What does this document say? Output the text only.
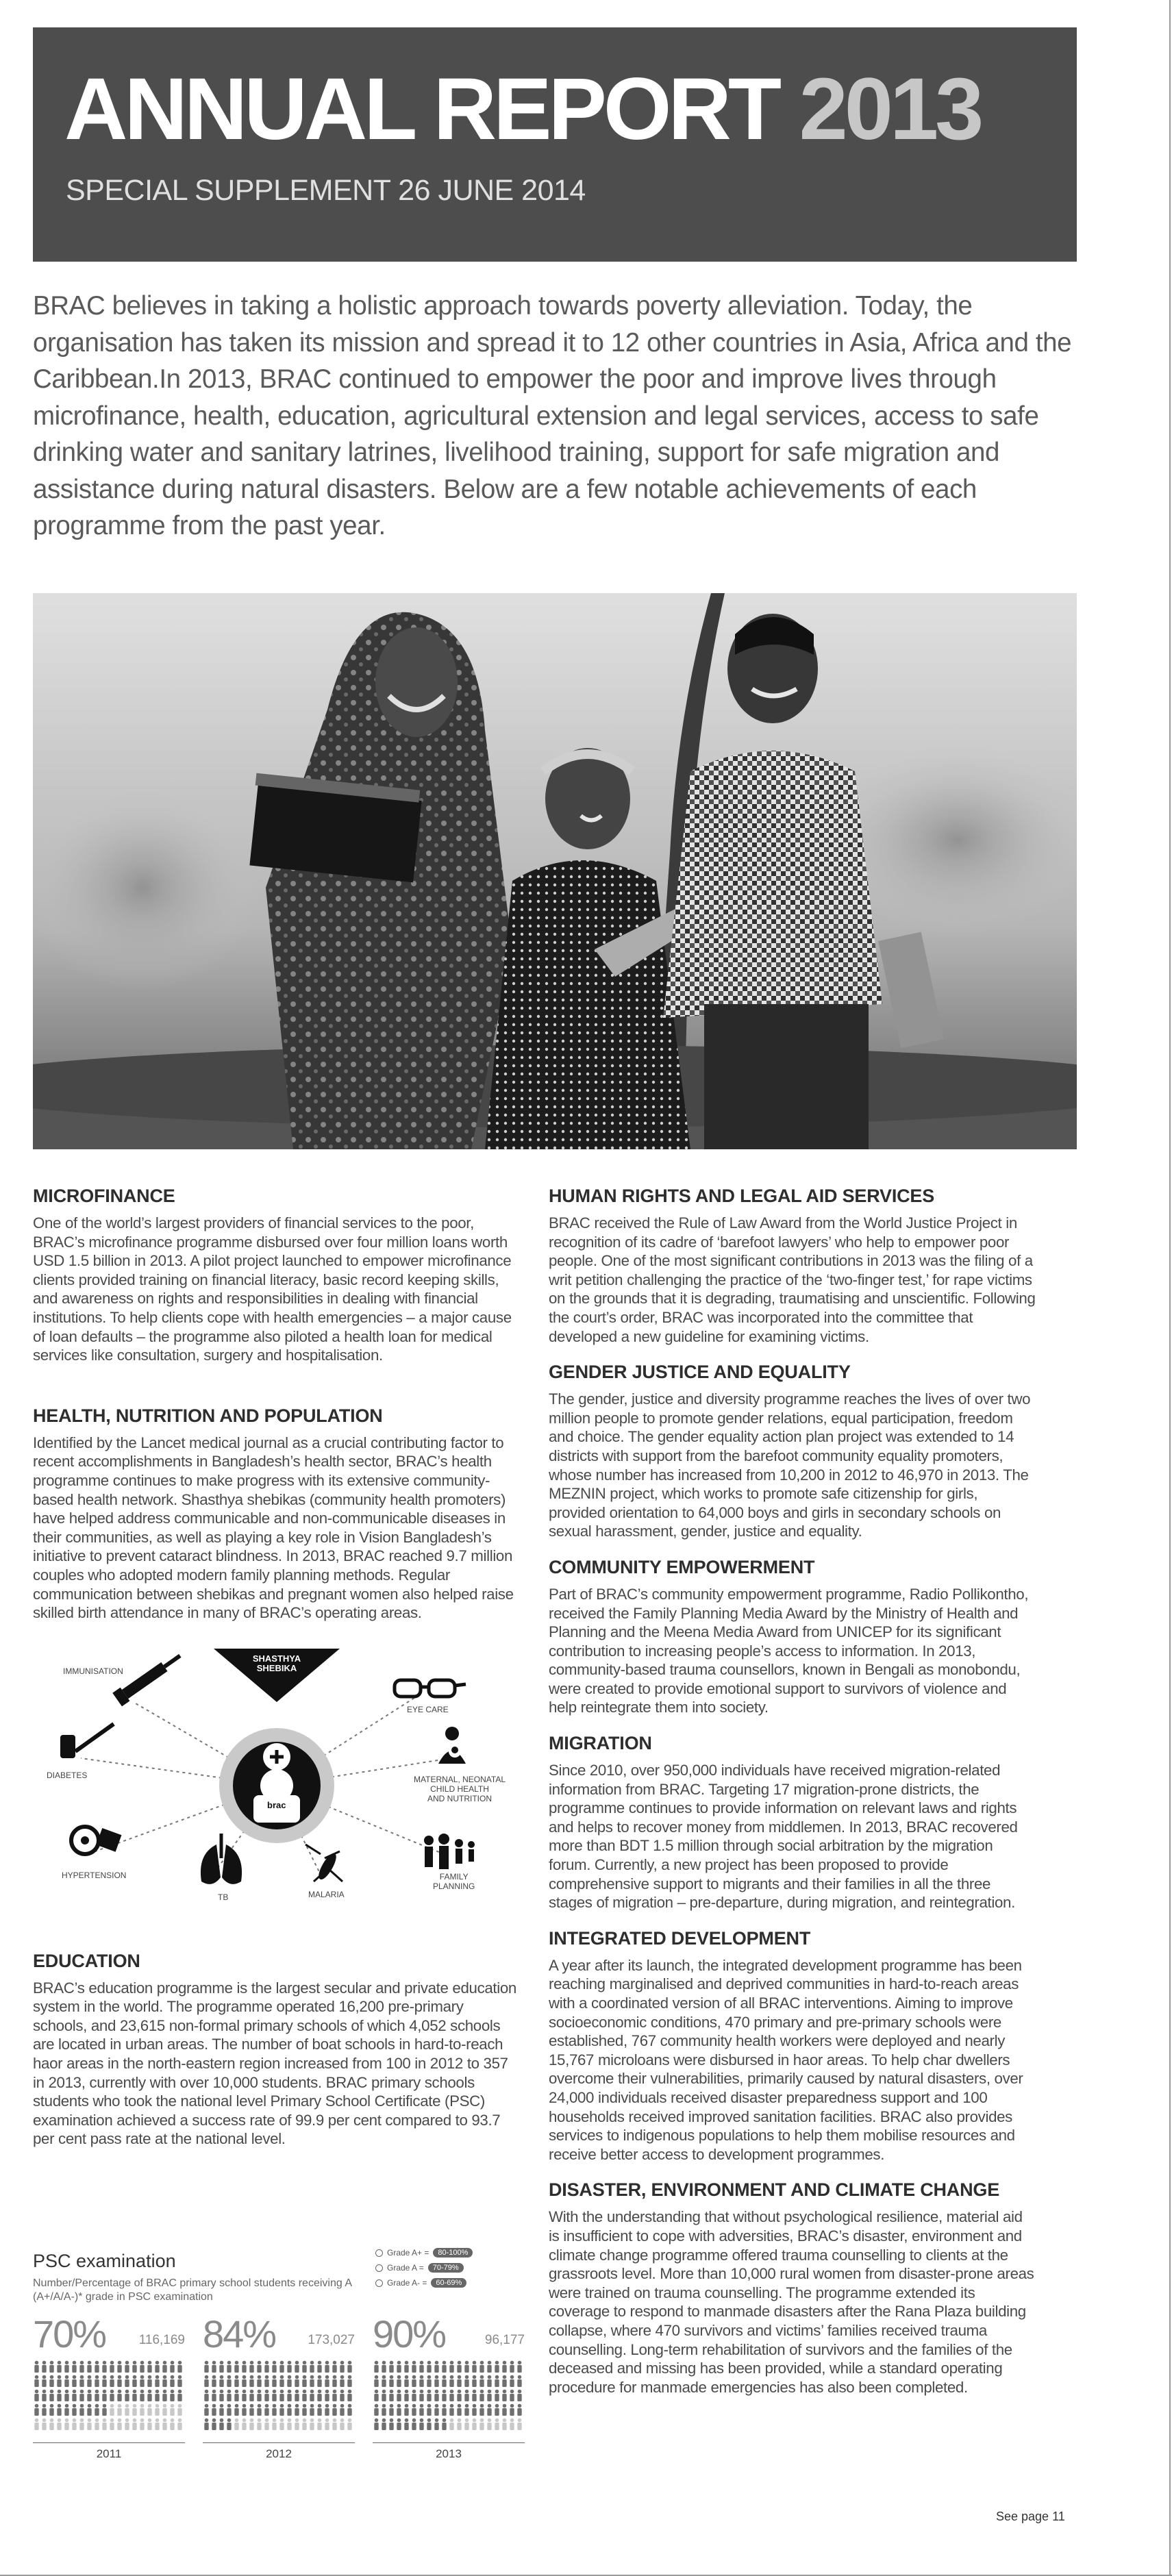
ANNUAL REPORT 2013

SPECIAL SUPPLEMENT 26 JUNE 2014

BRAC believes in taking a holistic approach towards poverty alleviation. Today, the organisation has taken its mission and spread it to 12 other countries in Asia, Africa and the Caribbean.In 2013, BRAC continued to empower the poor and improve lives through microfinance, health, education, agricultural extension and legal services, access to safe drinking water and sanitary latrines, livelihood training, support for safe migration and assistance during natural disasters. Below are a few notable achievements of each programme from the past year.

MICROFINANCE

One of the world’s largest providers of financial services to the poor, BRAC’s microfinance programme disbursed over four million loans worth USD 1.5 billion in 2013. A pilot project launched to empower microfinance clients provided training on financial literacy, basic record keeping skills, and awareness on rights and responsibilities in dealing with financial institutions. To help clients cope with health emergencies – a major cause of loan defaults – the programme also piloted a health loan for medical services like consultation, surgery and hospitalisation.

HEALTH, NUTRITION AND POPULATION

Identified by the Lancet medical journal as a crucial contributing factor to recent accomplishments in Bangladesh’s health sector, BRAC’s health programme continues to make progress with its extensive community-based health network. Shasthya shebikas (community health promoters) have helped address communicable and non-communicable diseases in their communities, as well as playing a key role in Vision Bangladesh’s initiative to prevent cataract blindness. In 2013, BRAC reached 9.7 million couples who adopted modern family planning methods. Regular communication between shebikas and pregnant women also helped raise skilled birth attendance in many of BRAC’s operating areas.

SHASTHYA
SHEBIKA
brac
IMMUNISATION
EYE CARE
DIABETES	MATERNAL, NEONATAL
CHILD HEALTH
AND NUTRITION
HYPERTENSION
TB	MALARIA
FAMILY
PLANNING
EDUCATION

BRAC’s education programme is the largest secular and private education system in the world. The programme operated 16,200 pre-primary schools, and 23,615 non-formal primary schools of which 4,052 schools are located in urban areas. The number of boat schools in hard-to-reach haor areas in the north-eastern region increased from 100 in 2012 to 357 in 2013, currently with over 10,000 students. BRAC primary schools students who took the national level Primary School Certificate (PSC) examination achieved a success rate of 99.9 per cent compared to 93.7 per cent pass rate at the national level.

HUMAN RIGHTS AND LEGAL AID SERVICES

BRAC received the Rule of Law Award from the World Justice Project in recognition of its cadre of ‘barefoot lawyers’ who help to empower poor people. One of the most significant contributions in 2013 was the filing of a writ petition challenging the practice of the ‘two-finger test,’ for rape victims on the grounds that it is degrading, traumatising and unscientific. Following the court’s order, BRAC was incorporated into the committee that developed a new guideline for examining victims.

GENDER JUSTICE AND EQUALITY

The gender, justice and diversity programme reaches the lives of over two million people to promote gender relations, equal participation, freedom and choice. The gender equality action plan project was extended to 14 districts with support from the barefoot community equality promoters, whose number has increased from 10,200 in 2012 to 46,970 in 2013. The MEZNIN project, which works to promote safe citizenship for girls, provided orientation to 64,000 boys and girls in secondary schools on sexual harassment, gender, justice and equality.

COMMUNITY EMPOWERMENT

Part of BRAC’s community empowerment programme, Radio Pollikontho, received the Family Planning Media Award by the Ministry of Health and Planning and the Meena Media Award from UNICEP for its significant contribution to increasing people’s access to information. In 2013, community-based trauma counsellors, known in Bengali as monobondu, were created to provide emotional support to survivors of violence and help reintegrate them into society.

MIGRATION

Since 2010, over 950,000 individuals have received migration-related information from BRAC. Targeting 17 migration-prone districts, the programme continues to provide information on relevant laws and rights and helps to recover money from middlemen. In 2013, BRAC recovered more than BDT 1.5 million through social arbitration by the migration forum. Currently, a new project has been proposed to provide comprehensive support to migrants and their families in all the three stages of migration – pre-departure, during migration, and reintegration.

INTEGRATED DEVELOPMENT

A year after its launch, the integrated development programme has been reaching marginalised and deprived communities in hard-to-reach areas with a coordinated version of all BRAC interventions. Aiming to improve socioeconomic conditions, 470 primary and pre-primary schools were established, 767 community health workers were deployed and nearly 15,767 microloans were disbursed in haor areas. To help char dwellers overcome their vulnerabilities, primarily caused by natural disasters, over 24,000 individuals received disaster preparedness support and 100 households received improved sanitation facilities. BRAC also provides services to indigenous populations to help them mobilise resources and receive better access to development programmes.

DISASTER, ENVIRONMENT AND CLIMATE CHANGE

With the understanding that without psychological resilience, material aid is insufficient to cope with adversities, BRAC’s disaster, environment and climate change programme offered trauma counselling to clients at the grassroots level. More than 10,000 rural women from disaster-prone areas were trained on trauma counselling. The programme extended its coverage to respond to manmade disasters after the Rana Plaza building collapse, where 470 survivors and victims’ families received trauma counselling. Long-term rehabilitation of survivors and the families of the deceased and missing has been provided, while a standard operating procedure for manmade emergencies has also been completed.

PSC examination

Number/Percentage of BRAC primary school students receiving A (A+/A/A-)* grade in PSC examination

Grade A+ =	80-100%
Grade A =	70-79%
Grade A- =	60-69%
70%	116,169
2011
84% 173,027
2012
90%	96,177
2013

See page 11
